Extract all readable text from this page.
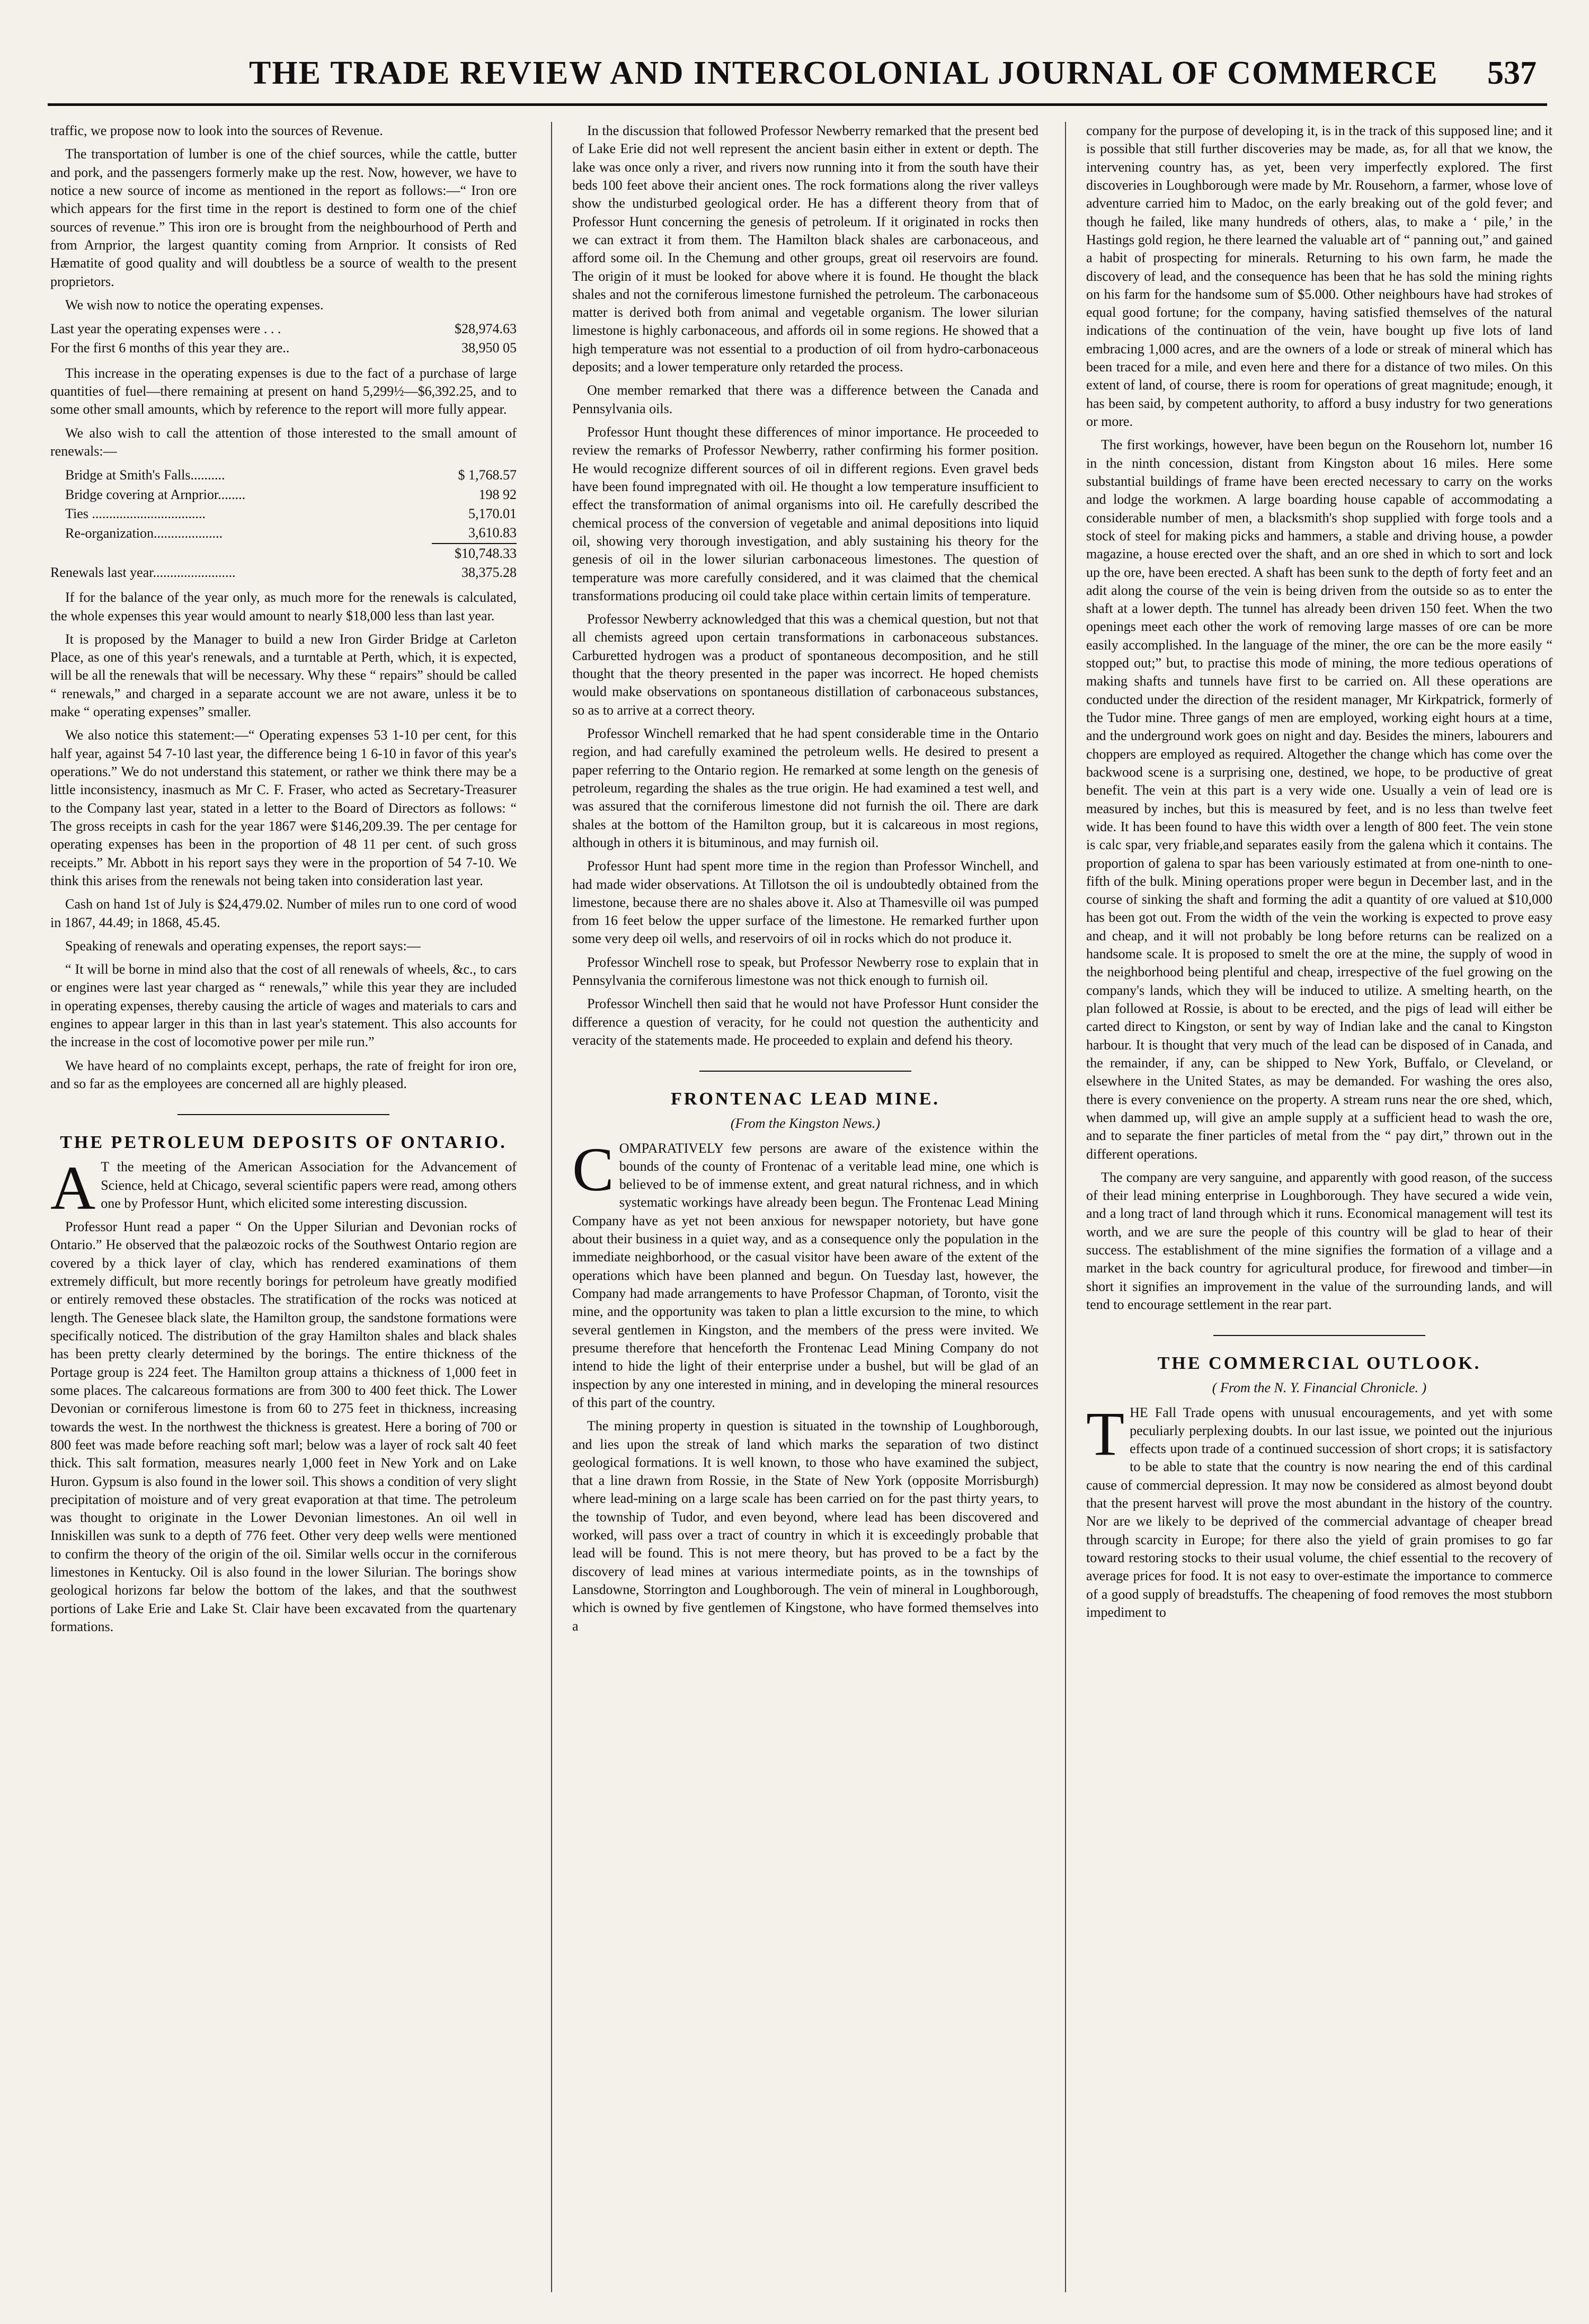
THE TRADE REVIEW AND INTERCOLONIAL JOURNAL OF COMMERCE 537

traffic, we propose now to look into the sources of Revenue.

The transportation of lumber is one of the chief sources, while the cattle, butter and pork, and the passengers formerly make up the rest. Now, however, we have to notice a new source of income as mentioned in the report as follows:—“ Iron ore which appears for the first time in the report is destined to form one of the chief sources of revenue.” This iron ore is brought from the neighbourhood of Perth and from Arnprior, the largest quantity coming from Arnprior. It consists of Red Hæmatite of good quality and will doubtless be a source of wealth to the present proprietors.

We wish now to notice the operating expenses.

Last year the operating expenses were . . .	$28,974.63
For the first 6 months of this year they are..	38,950 05

This increase in the operating expenses is due to the fact of a purchase of large quantities of fuel—there remaining at present on hand 5,299½—$6,392.25, and to some other small amounts, which by reference to the report will more fully appear.

We also wish to call the attention of those interested to the small amount of renewals:—

Bridge at Smith's Falls..........	$ 1,768.57
Bridge covering at Arnprior........	198 92
Ties .................................	5,170.01
Re-organization....................	3,610.83
	$10,748.33
Renewals last year........................	38,375.28

If for the balance of the year only, as much more for the renewals is calculated, the whole expenses this year would amount to nearly $18,000 less than last year.

It is proposed by the Manager to build a new Iron Girder Bridge at Carleton Place, as one of this year's renewals, and a turntable at Perth, which, it is expected, will be all the renewals that will be necessary. Why these “ repairs” should be called “ renewals,” and charged in a separate account we are not aware, unless it be to make “ operating expenses” smaller.

We also notice this statement:—“ Operating expenses 53 1-10 per cent, for this half year, against 54 7-10 last year, the difference being 1 6-10 in favor of this year's operations.” We do not understand this statement, or rather we think there may be a little inconsistency, inasmuch as Mr C. F. Fraser, who acted as Secretary-Treasurer to the Company last year, stated in a letter to the Board of Directors as follows: “ The gross receipts in cash for the year 1867 were $146,209.39. The per centage for operating expenses has been in the proportion of 48 11 per cent. of such gross receipts.” Mr. Abbott in his report says they were in the proportion of 54 7-10. We think this arises from the renewals not being taken into consideration last year.

Cash on hand 1st of July is $24,479.02. Number of miles run to one cord of wood in 1867, 44.49; in 1868, 45.45.

Speaking of renewals and operating expenses, the report says:—

“ It will be borne in mind also that the cost of all renewals of wheels, &c., to cars or engines were last year charged as “ renewals,” while this year they are included in operating expenses, thereby causing the article of wages and materials to cars and engines to appear larger in this than in last year's statement. This also accounts for the increase in the cost of locomotive power per mile run.”

We have heard of no complaints except, perhaps, the rate of freight for iron ore, and so far as the employees are concerned all are highly pleased.

THE PETROLEUM DEPOSITS OF ONTARIO.

A T the meeting of the American Association for the Advancement of Science, held at Chicago, several scientific papers were read, among others one by Professor Hunt, which elicited some interesting discussion.

Professor Hunt read a paper “ On the Upper Silurian and Devonian rocks of Ontario.” He observed that the palæozoic rocks of the Southwest Ontario region are covered by a thick layer of clay, which has rendered examinations of them extremely difficult, but more recently borings for petroleum have greatly modified or entirely removed these obstacles. The stratification of the rocks was noticed at length. The Genesee black slate, the Hamilton group, the sandstone formations were specifically noticed. The distribution of the gray Hamilton shales and black shales has been pretty clearly determined by the borings. The entire thickness of the Portage group is 224 feet. The Hamilton group attains a thickness of 1,000 feet in some places. The calcareous formations are from 300 to 400 feet thick. The Lower Devonian or corniferous limestone is from 60 to 275 feet in thickness, increasing towards the west. In the northwest the thickness is greatest. Here a boring of 700 or 800 feet was made before reaching soft marl; below was a layer of rock salt 40 feet thick. This salt formation, measures nearly 1,000 feet in New York and on Lake Huron. Gypsum is also found in the lower soil. This shows a condition of very slight precipitation of moisture and of very great evaporation at that time. The petroleum was thought to originate in the Lower Devonian limestones. An oil well in Inniskillen was sunk to a depth of 776 feet. Other very deep wells were mentioned to confirm the theory of the origin of the oil. Similar wells occur in the corniferous limestones in Kentucky. Oil is also found in the lower Silurian. The borings show geological horizons far below the bottom of the lakes, and that the southwest portions of Lake Erie and Lake St. Clair have been excavated from the quartenary formations.

In the discussion that followed Professor Newberry remarked that the present bed of Lake Erie did not well represent the ancient basin either in extent or depth. The lake was once only a river, and rivers now running into it from the south have their beds 100 feet above their ancient ones. The rock formations along the river valleys show the undisturbed geological order. He has a different theory from that of Professor Hunt concerning the genesis of petroleum. If it originated in rocks then we can extract it from them. The Hamilton black shales are carbonaceous, and afford some oil. In the Chemung and other groups, great oil reservoirs are found. The origin of it must be looked for above where it is found. He thought the black shales and not the corniferous limestone furnished the petroleum. The carbonaceous matter is derived both from animal and vegetable organism. The lower silurian limestone is highly carbonaceous, and affords oil in some regions. He showed that a high temperature was not essential to a production of oil from hydro-carbonaceous deposits; and a lower temperature only retarded the process.

One member remarked that there was a difference between the Canada and Pennsylvania oils.

Professor Hunt thought these differences of minor importance. He proceeded to review the remarks of Professor Newberry, rather confirming his former position. He would recognize different sources of oil in different regions. Even gravel beds have been found impregnated with oil. He thought a low temperature insufficient to effect the transformation of animal organisms into oil. He carefully described the chemical process of the conversion of vegetable and animal depositions into liquid oil, showing very thorough investigation, and ably sustaining his theory for the genesis of oil in the lower silurian carbonaceous limestones. The question of temperature was more carefully considered, and it was claimed that the chemical transformations producing oil could take place within certain limits of temperature.

Professor Newberry acknowledged that this was a chemical question, but not that all chemists agreed upon certain transformations in carbonaceous substances. Carburetted hydrogen was a product of spontaneous decomposition, and he still thought that the theory presented in the paper was incorrect. He hoped chemists would make observations on spontaneous distillation of carbonaceous substances, so as to arrive at a correct theory.

Professor Winchell remarked that he had spent considerable time in the Ontario region, and had carefully examined the petroleum wells. He desired to present a paper referring to the Ontario region. He remarked at some length on the genesis of petroleum, regarding the shales as the true origin. He had examined a test well, and was assured that the corniferous limestone did not furnish the oil. There are dark shales at the bottom of the Hamilton group, but it is calcareous in most regions, although in others it is bituminous, and may furnish oil.

Professor Hunt had spent more time in the region than Professor Winchell, and had made wider observations. At Tillotson the oil is undoubtedly obtained from the limestone, because there are no shales above it. Also at Thamesville oil was pumped from 16 feet below the upper surface of the limestone. He remarked further upon some very deep oil wells, and reservoirs of oil in rocks which do not produce it.

Professor Winchell rose to speak, but Professor Newberry rose to explain that in Pennsylvania the corniferous limestone was not thick enough to furnish oil.

Professor Winchell then said that he would not have Professor Hunt consider the difference a question of veracity, for he could not question the authenticity and veracity of the statements made. He proceeded to explain and defend his theory.

FRONTENAC LEAD MINE.
(From the Kingston News.)

COMPARATIVELY few persons are aware of the existence within the bounds of the county of Frontenac of a veritable lead mine, one which is believed to be of immense extent, and great natural richness, and in which systematic workings have already been begun. The Frontenac Lead Mining Company have as yet not been anxious for newspaper notoriety, but have gone about their business in a quiet way, and as a consequence only the population in the immediate neighborhood, or the casual visitor have been aware of the extent of the operations which have been planned and begun. On Tuesday last, however, the Company had made arrangements to have Professor Chapman, of Toronto, visit the mine, and the opportunity was taken to plan a little excursion to the mine, to which several gentlemen in Kingston, and the members of the press were invited. We presume therefore that henceforth the Frontenac Lead Mining Company do not intend to hide the light of their enterprise under a bushel, but will be glad of an inspection by any one interested in mining, and in developing the mineral resources of this part of the country.

The mining property in question is situated in the township of Loughborough, and lies upon the streak of land which marks the separation of two distinct geological formations. It is well known, to those who have examined the subject, that a line drawn from Rossie, in the State of New York (opposite Morrisburgh) where lead-mining on a large scale has been carried on for the past thirty years, to the township of Tudor, and even beyond, where lead has been discovered and worked, will pass over a tract of country in which it is exceedingly probable that lead will be found. This is not mere theory, but has proved to be a fact by the discovery of lead mines at various intermediate points, as in the townships of Lansdowne, Storrington and Loughborough. The vein of mineral in Loughborough, which is owned by five gentlemen of Kingstone, who have formed themselves into a

company for the purpose of developing it, is in the track of this supposed line; and it is possible that still further discoveries may be made, as, for all that we know, the intervening country has, as yet, been very imperfectly explored. The first discoveries in Loughborough were made by Mr. Rousehorn, a farmer, whose love of adventure carried him to Madoc, on the early breaking out of the gold fever; and though he failed, like many hundreds of others, alas, to make a ‘ pile,’ in the Hastings gold region, he there learned the valuable art of “ panning out,” and gained a habit of prospecting for minerals. Returning to his own farm, he made the discovery of lead, and the consequence has been that he has sold the mining rights on his farm for the handsome sum of $5.000. Other neighbours have had strokes of equal good fortune; for the company, having satisfied themselves of the natural indications of the continuation of the vein, have bought up five lots of land embracing 1,000 acres, and are the owners of a lode or streak of mineral which has been traced for a mile, and even here and there for a distance of two miles. On this extent of land, of course, there is room for operations of great magnitude; enough, it has been said, by competent authority, to afford a busy industry for two generations or more.

The first workings, however, have been begun on the Rousehorn lot, number 16 in the ninth concession, distant from Kingston about 16 miles. Here some substantial buildings of frame have been erected necessary to carry on the works and lodge the workmen. A large boarding house capable of accommodating a considerable number of men, a blacksmith's shop supplied with forge tools and a stock of steel for making picks and hammers, a stable and driving house, a powder magazine, a house erected over the shaft, and an ore shed in which to sort and lock up the ore, have been erected. A shaft has been sunk to the depth of forty feet and an adit along the course of the vein is being driven from the outside so as to enter the shaft at a lower depth. The tunnel has already been driven 150 feet. When the two openings meet each other the work of removing large masses of ore can be more easily accomplished. In the language of the miner, the ore can be the more easily “ stopped out;” but, to practise this mode of mining, the more tedious operations of making shafts and tunnels have first to be carried on. All these operations are conducted under the direction of the resident manager, Mr Kirkpatrick, formerly of the Tudor mine. Three gangs of men are employed, working eight hours at a time, and the underground work goes on night and day. Besides the miners, labourers and choppers are employed as required. Altogether the change which has come over the backwood scene is a surprising one, destined, we hope, to be productive of great benefit. The vein at this part is a very wide one. Usually a vein of lead ore is measured by inches, but this is measured by feet, and is no less than twelve feet wide. It has been found to have this width over a length of 800 feet. The vein stone is calc spar, very friable,and separates easily from the galena which it contains. The proportion of galena to spar has been variously estimated at from one-ninth to one-fifth of the bulk. Mining operations proper were begun in December last, and in the course of sinking the shaft and forming the adit a quantity of ore valued at $10,000 has been got out. From the width of the vein the working is expected to prove easy and cheap, and it will not probably be long before returns can be realized on a handsome scale. It is proposed to smelt the ore at the mine, the supply of wood in the neighborhood being plentiful and cheap, irrespective of the fuel growing on the company's lands, which they will be induced to utilize. A smelting hearth, on the plan followed at Rossie, is about to be erected, and the pigs of lead will either be carted direct to Kingston, or sent by way of Indian lake and the canal to Kingston harbour. It is thought that very much of the lead can be disposed of in Canada, and the remainder, if any, can be shipped to New York, Buffalo, or Cleveland, or elsewhere in the United States, as may be demanded. For washing the ores also, there is every convenience on the property. A stream runs near the ore shed, which, when dammed up, will give an ample supply at a sufficient head to wash the ore, and to separate the finer particles of metal from the “ pay dirt,” thrown out in the different operations.

The company are very sanguine, and apparently with good reason, of the success of their lead mining enterprise in Loughborough. They have secured a wide vein, and a long tract of land through which it runs. Economical management will test its worth, and we are sure the people of this country will be glad to hear of their success. The establishment of the mine signifies the formation of a village and a market in the back country for agricultural produce, for firewood and timber—in short it signifies an improvement in the value of the surrounding lands, and will tend to encourage settlement in the rear part.

THE COMMERCIAL OUTLOOK.
( From the N. Y. Financial Chronicle. )

THE Fall Trade opens with unusual encouragements, and yet with some peculiarly perplexing doubts. In our last issue, we pointed out the injurious effects upon trade of a continued succession of short crops; it is satisfactory to be able to state that the country is now nearing the end of this cardinal cause of commercial depression. It may now be considered as almost beyond doubt that the present harvest will prove the most abundant in the history of the country. Nor are we likely to be deprived of the commercial advantage of cheaper bread through scarcity in Europe; for there also the yield of grain promises to go far toward restoring stocks to their usual volume, the chief essential to the recovery of average prices for food. It is not easy to over-estimate the importance to commerce of a good supply of breadstuffs. The cheapening of food removes the most stubborn impediment to
